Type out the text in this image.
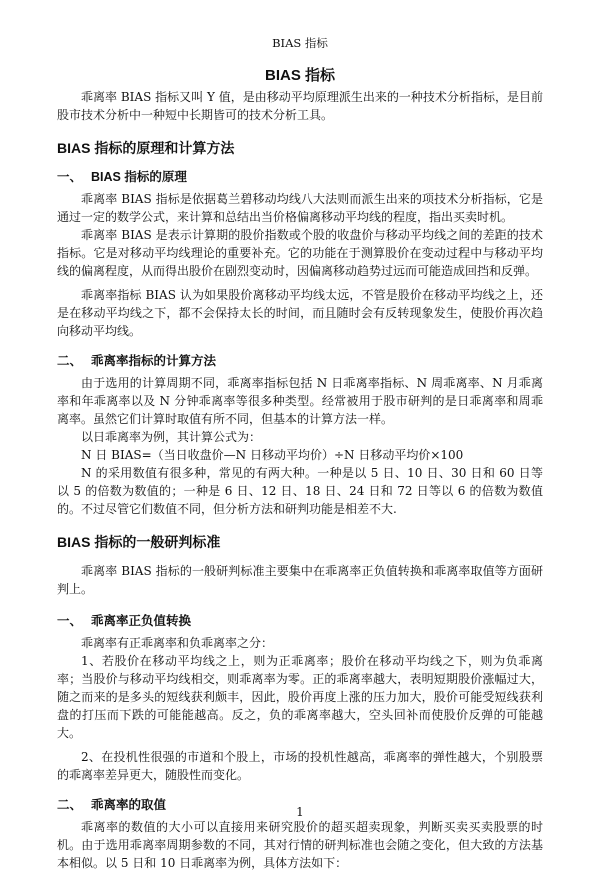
BIAS 指标
BIAS 指标

乖离率 BIAS 指标又叫 Y 值，是由移动平均原理派生出来的一种技术分析指标，是目前股市技术分析中一种短中长期皆可的技术分析工具。

BIAS 指标的原理和计算方法
一、 BIAS 指标的原理

乖离率 BIAS 指标是依据葛兰碧移动均线八大法则而派生出来的项技术分析指标，它是通过一定的数学公式，来计算和总结出当价格偏离移动平均线的程度，指出买卖时机。

乖离率 BIAS 是表示计算期的股价指数或个股的收盘价与移动平均线之间的差距的技术指标。它是对移动平均线理论的重要补充。它的功能在于测算股价在变动过程中与移动平均线的偏离程度，从而得出股价在剧烈变动时，因偏离移动趋势过远而可能造成回挡和反弹。

乖离率指标 BIAS 认为如果股价离移动平均线太远，不管是股价在移动平均线之上，还是在移动平均线之下，都不会保持太长的时间，而且随时会有反转现象发生，使股价再次趋向移动平均线。

二、 乖离率指标的计算方法

由于选用的计算周期不同，乖离率指标包括 N 日乖离率指标、N 周乖离率、N 月乖离率和年乖离率以及 N 分钟乖离率等很多种类型。经常被用于股市研判的是日乖离率和周乖离率。虽然它们计算时取值有所不同，但基本的计算方法一样。

以日乖离率为例，其计算公式为：

N 日 BIAS=（当日收盘价—N 日移动平均价）÷N 日移动平均价×100

N 的采用数值有很多种，常见的有两大种。一种是以 5 日、10 日、30 日和 60 日等以 5 的倍数为数值的；一种是 6 日、12 日、18 日、24 日和 72 日等以 6 的倍数为数值的。不过尽管它们数值不同，但分析方法和研判功能是相差不大.

BIAS 指标的一般研判标准

乖离率 BIAS 指标的一般研判标准主要集中在乖离率正负值转换和乖离率取值等方面研判上。

一、 乖离率正负值转换

乖离率有正乖离率和负乖离率之分：

1、若股价在移动平均线之上，则为正乖离率；股价在移动平均线之下，则为负乖离率；当股价与移动平均线相交，则乖离率为零。正的乖离率越大，表明短期股价涨幅过大，随之而来的是多头的短线获利颇丰，因此，股价再度上涨的压力加大，股价可能受短线获利盘的打压而下跌的可能能越高。反之，负的乖离率越大，空头回补而使股价反弹的可能越大。

2、在投机性很强的市道和个股上，市场的投机性越高，乖离率的弹性越大，个别股票的乖离率差异更大，随股性而变化。

二、 乖离率的取值

乖离率的数值的大小可以直接用来研究股价的超买超卖现象，判断买卖买卖股票的时机。由于选用乖离率周期参数的不同，其对行情的研判标准也会随之变化，但大致的方法基本相似。以 5 日和 10 日乖离率为例，具体方法如下：

1
